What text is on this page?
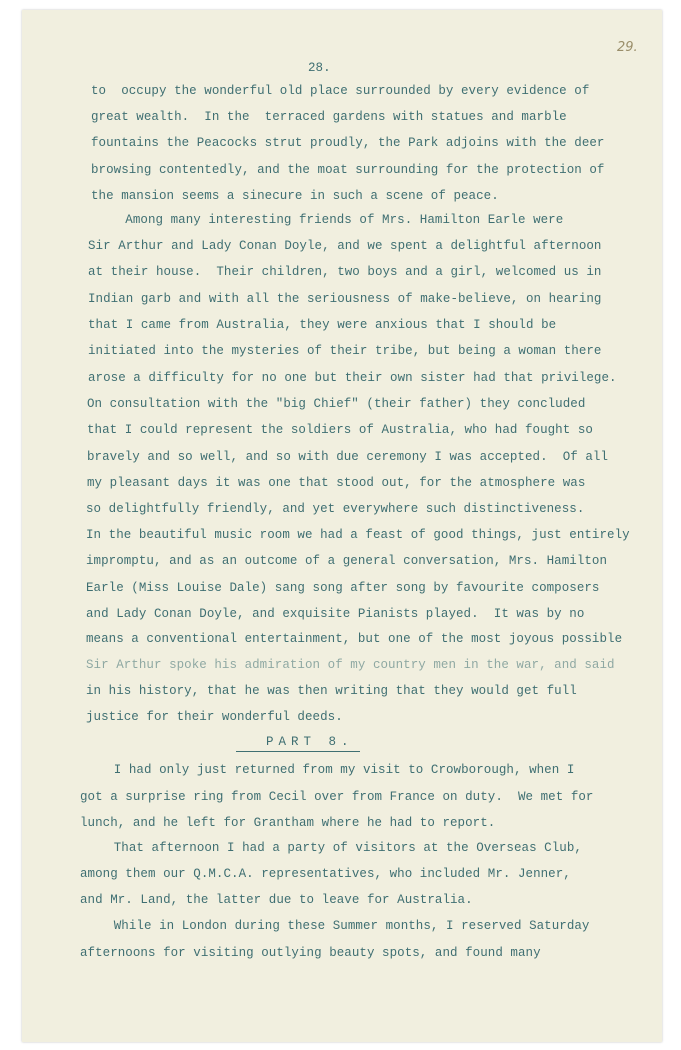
29.
28.
to  occupy the wonderful old place surrounded by every evidence of
great wealth.  In the  terraced gardens with statues and marble
fountains the Peacocks strut proudly, the Park adjoins with the deer
browsing contentedly, and the moat surrounding for the protection of
the mansion seems a sinecure in such a scene of peace.
Among many interesting friends of Mrs. Hamilton Earle were
Sir Arthur and Lady Conan Doyle, and we spent a delightful afternoon
at their house.  Their children, two boys and a girl, welcomed us in
Indian garb and with all the seriousness of make-believe, on hearing
that I came from Australia, they were anxious that I should be
initiated into the mysteries of their tribe, but being a woman there
arose a difficulty for no one but their own sister had that privilege.
On consultation with the "big Chief" (their father) they concluded
that I could represent the soldiers of Australia, who had fought so
bravely and so well, and so with due ceremony I was accepted.  Of all
my pleasant days it was one that stood out, for the atmosphere was
so delightfully friendly, and yet everywhere such distinctiveness.
In the beautiful music room we had a feast of good things, just entirely
impromptu, and as an outcome of a general conversation, Mrs. Hamilton
Earle (Miss Louise Dale) sang song after song by favourite composers
and Lady Conan Doyle, and exquisite Pianists played.  It was by no
means a conventional entertainment, but one of the most joyous possible
Sir Arthur spoke his admiration of my country men in the war, and said
in his history, that he was then writing that they would get full
justice for their wonderful deeds.
PART 8.
I had only just returned from my visit to Crowborough, when I
got a surprise ring from Cecil over from France on duty.  We met for
lunch, and he left for Grantham where he had to report.
That afternoon I had a party of visitors at the Overseas Club,
among them our Q.M.C.A. representatives, who included Mr. Jenner,
and Mr. Land, the latter due to leave for Australia.
While in London during these Summer months, I reserved Saturday
afternoons for visiting outlying beauty spots, and found many
